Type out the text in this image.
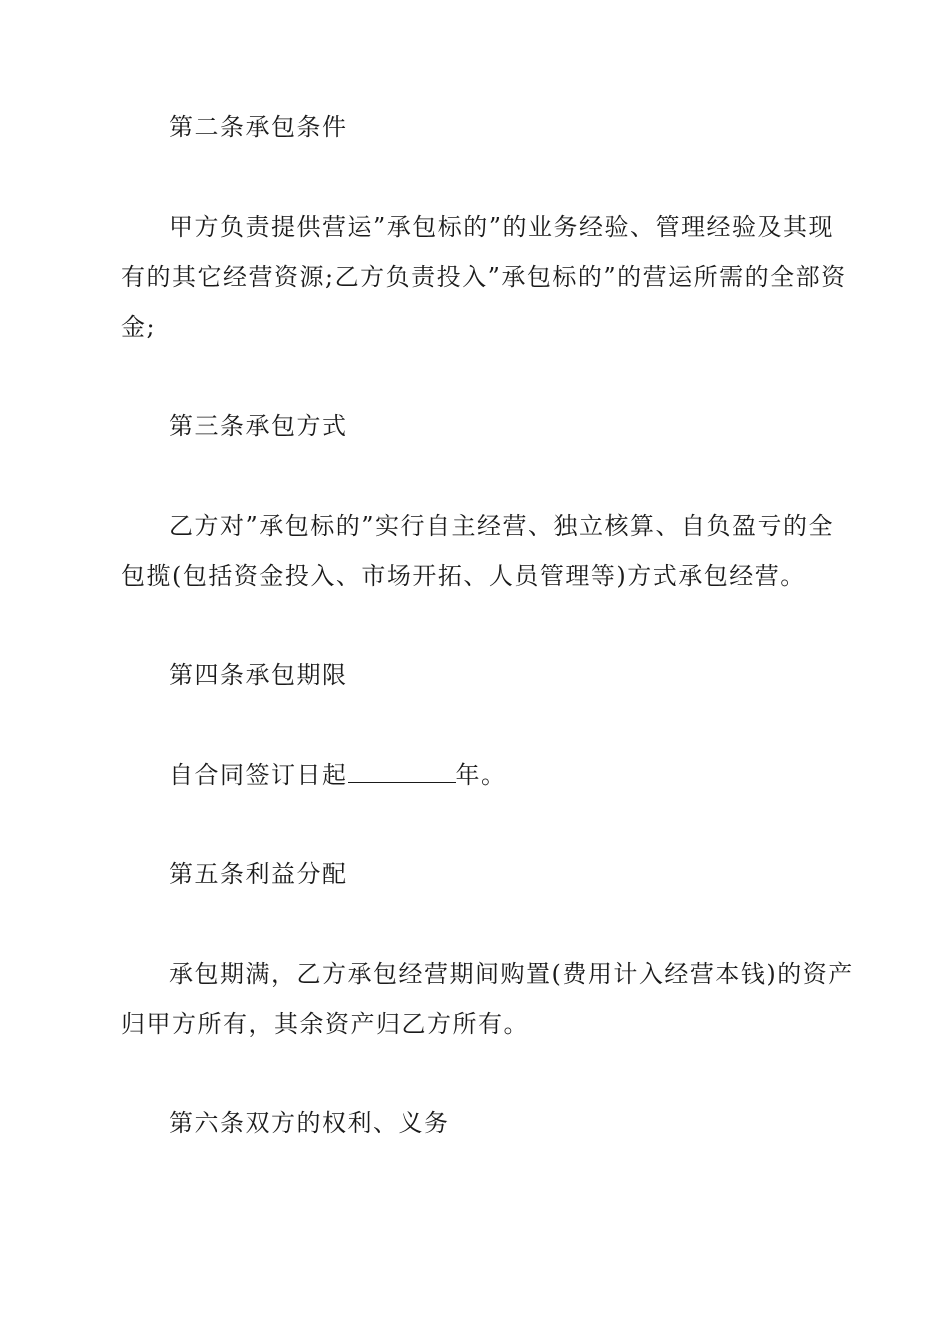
第二条承包条件
甲方负责提供营运”承包标的”的业务经验、管理经验及其现
有的其它经营资源;乙方负责投入”承包标的”的营运所需的全部资
金;
第三条承包方式
乙方对”承包标的”实行自主经营、独立核算、自负盈亏的全
包揽(包括资金投入、市场开拓、人员管理等)方式承包经营。
第四条承包期限
自合同签订日起	年。
第五条利益分配
承包期满，乙方承包经营期间购置(费用计入经营本钱)的资产
归甲方所有，其余资产归乙方所有。
第六条双方的权利、义务
